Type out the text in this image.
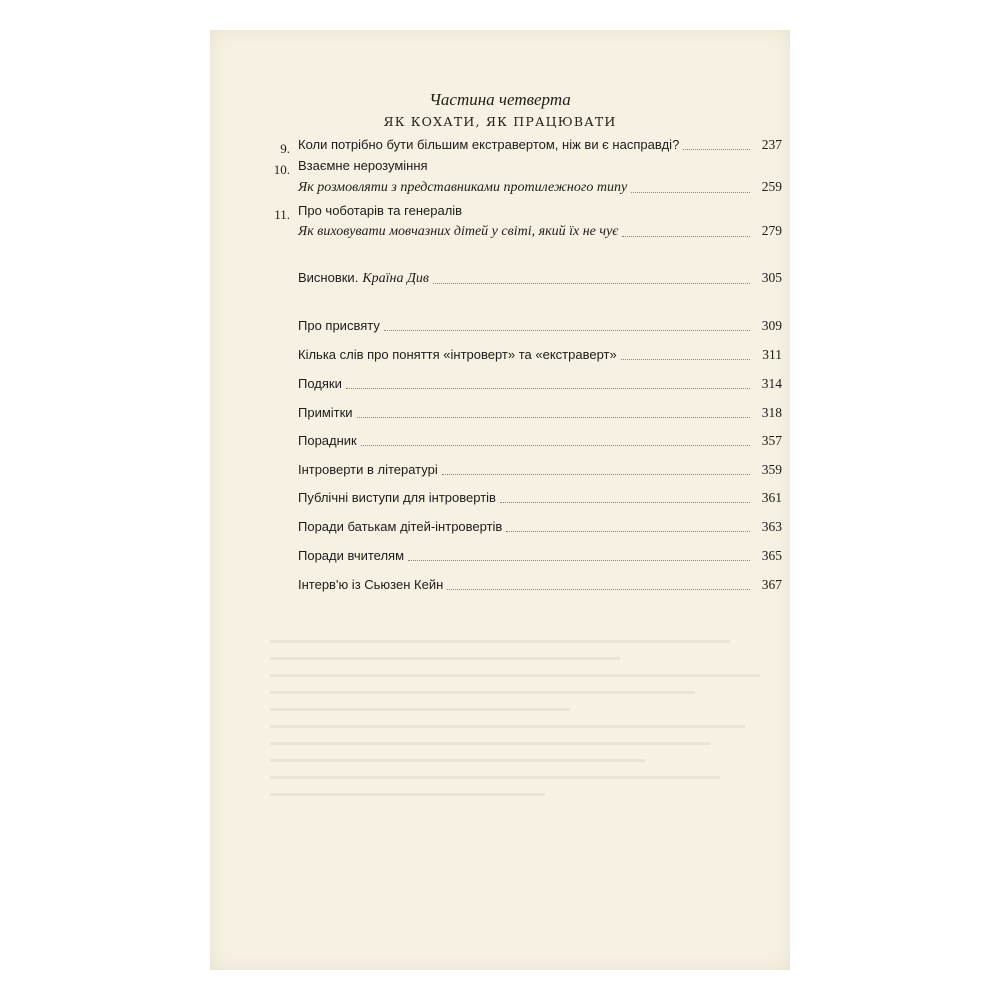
Частина четверта
ЯК КОХАТИ, ЯК ПРАЦЮВАТИ
9. Коли потрібно бути більшим екстравертом, ніж ви є насправді?	237
10. Взаємне нерозуміння
Як розмовляти з представниками протилежного типу	259
11. Про чоботарів та генералів
Як виховувати мовчазних дітей у світі, який їх не чує	279
Висновки. Країна Див	305
Про присвяту	309
Кілька слів про поняття «інтроверт» та «екстраверт»	311
Подяки	314
Примітки	318
Порадник	357
Інтроверти в літературі	359
Публічні виступи для інтровертів	361
Поради батькам дітей-інтровертів	363
Поради вчителям	365
Інтерв'ю із Сьюзен Кейн	367
